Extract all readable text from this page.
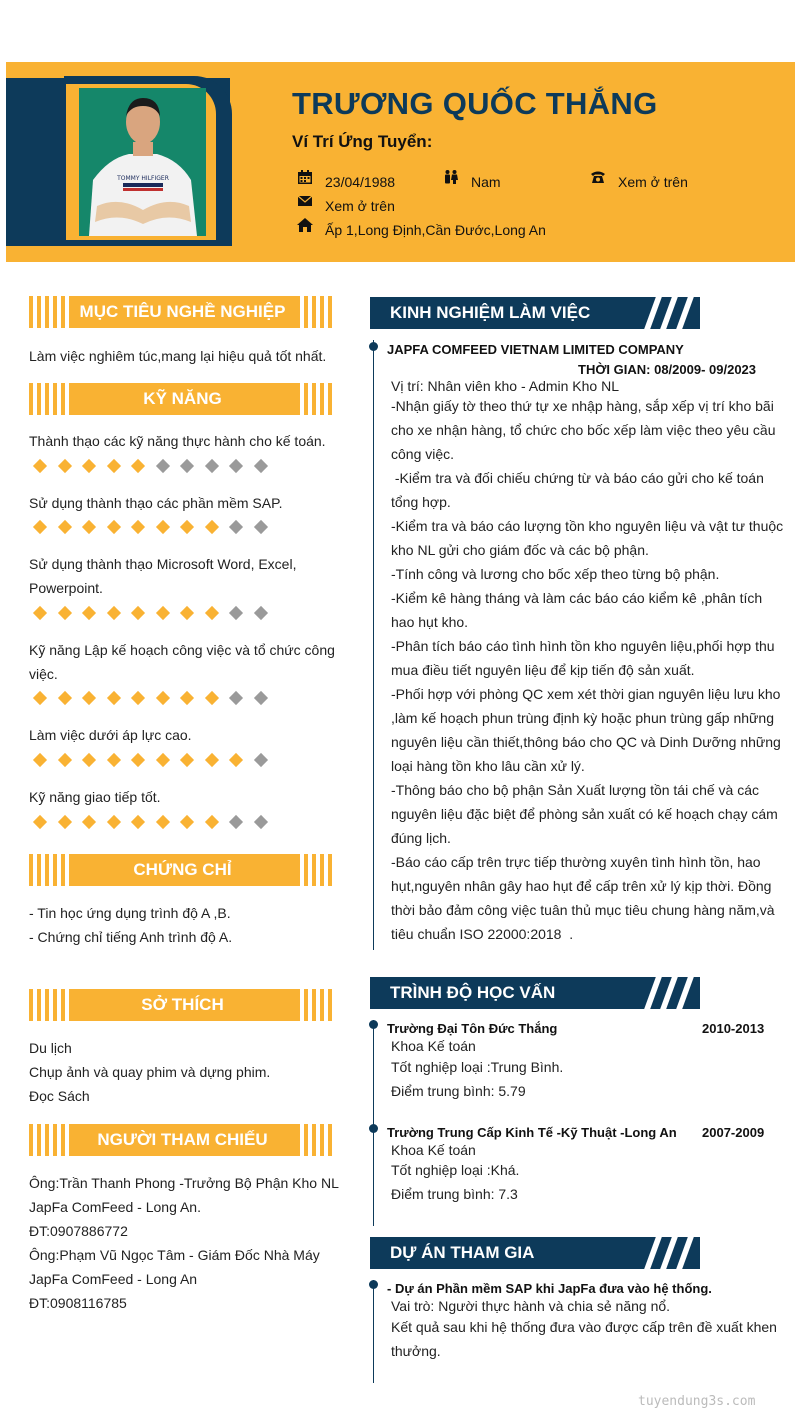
TOMMY HILFIGER
TRƯƠNG QUỐC THẮNG
Ví Trí Ứng Tuyển:
23/04/1988	Nam	Xem ở trên
Xem ở trên
Ấp 1,Long Định,Cần Đước,Long An
MỤC TIÊU NGHỀ NGHIỆP
Làm việc nghiêm túc,mang lại hiệu quả tốt nhất.
KỸ NĂNG
Thành thạo các kỹ năng thực hành cho kế toán.
Sử dụng thành thạo các phần mềm SAP.
Sử dụng thành thạo Microsoft Word, Excel, Powerpoint.
Kỹ năng Lập kế hoạch công việc và tổ chức công việc.
Làm việc dưới áp lực cao.
Kỹ năng giao tiếp tốt.
CHỨNG CHỈ
- Tin học ứng dụng trình độ A ,B.
- Chứng chỉ tiếng Anh trình độ A.
SỞ THÍCH
Du lịch
Chụp ảnh và quay phim và dựng phim.
Đọc Sách
NGƯỜI THAM CHIẾU
Ông:Trần Thanh Phong -Trưởng Bộ Phận Kho NL
JapFa ComFeed - Long An.
ĐT:0907886772
Ông:Phạm Vũ Ngọc Tâm - Giám Đốc Nhà Máy
JapFa ComFeed - Long An
ĐT:0908116785
KINH NGHIỆM LÀM VIỆC
JAPFA COMFEED VIETNAM LIMITED COMPANY
THỜI GIAN: 08/2009- 09/2023
Vị trí: Nhân viên kho - Admin Kho NL
-Nhận giấy tờ theo thứ tự xe nhập hàng, sắp xếp vị trí kho bãi
cho xe nhận hàng, tổ chức cho bốc xếp làm việc theo yêu cầu
công việc.
-Kiểm tra và đối chiếu chứng từ và báo cáo gửi cho kế toán
tổng hợp.
-Kiểm tra và báo cáo lượng tồn kho nguyên liệu và vật tư thuộc
kho NL gửi cho giám đốc và các bộ phận.
-Tính công và lương cho bốc xếp theo từng bộ phận.
-Kiểm kê hàng tháng và làm các báo cáo kiểm kê ,phân tích
hao hụt kho.
-Phân tích báo cáo tình hình tồn kho nguyên liệu,phối hợp thu
mua điều tiết nguyên liệu để kịp tiến độ sản xuất.
-Phối hợp với phòng QC xem xét thời gian nguyên liệu lưu kho
,làm kế hoạch phun trùng định kỳ hoặc phun trùng gấp những
nguyên liệu cần thiết,thông báo cho QC và Dinh Dưỡng những
loại hàng tồn kho lâu cần xử lý.
-Thông báo cho bộ phận Sản Xuất lượng tồn tái chế và các
nguyên liệu đặc biệt để phòng sản xuất có kế hoạch chạy cám
đúng lịch.
-Báo cáo cấp trên trực tiếp thường xuyên tình hình tồn, hao
hụt,nguyên nhân gây hao hụt để cấp trên xử lý kịp thời. Đồng
thời bảo đảm công việc tuân thủ mục tiêu chung hàng năm,và
tiêu chuẩn ISO 22000:2018  .
TRÌNH ĐỘ HỌC VẤN
Trường Đại Tôn Đức Thắng	2010-2013
Khoa Kế toán
Tốt nghiệp loại :Trung Bình.
Điểm trung bình: 5.79
Trường Trung Cấp Kinh Tế -Kỹ Thuật -Long An 2007-2009
Khoa Kế toán
Tốt nghiệp loại :Khá.
Điểm trung bình: 7.3
DỰ ÁN THAM GIA
- Dự án Phần mềm SAP khi JapFa đưa vào hệ thống.
Vai trò: Người thực hành và chia sẻ năng nổ.
Kết quả sau khi hệ thống đưa vào được cấp trên đề xuất khen
thưởng.
tuyendung3s.com
